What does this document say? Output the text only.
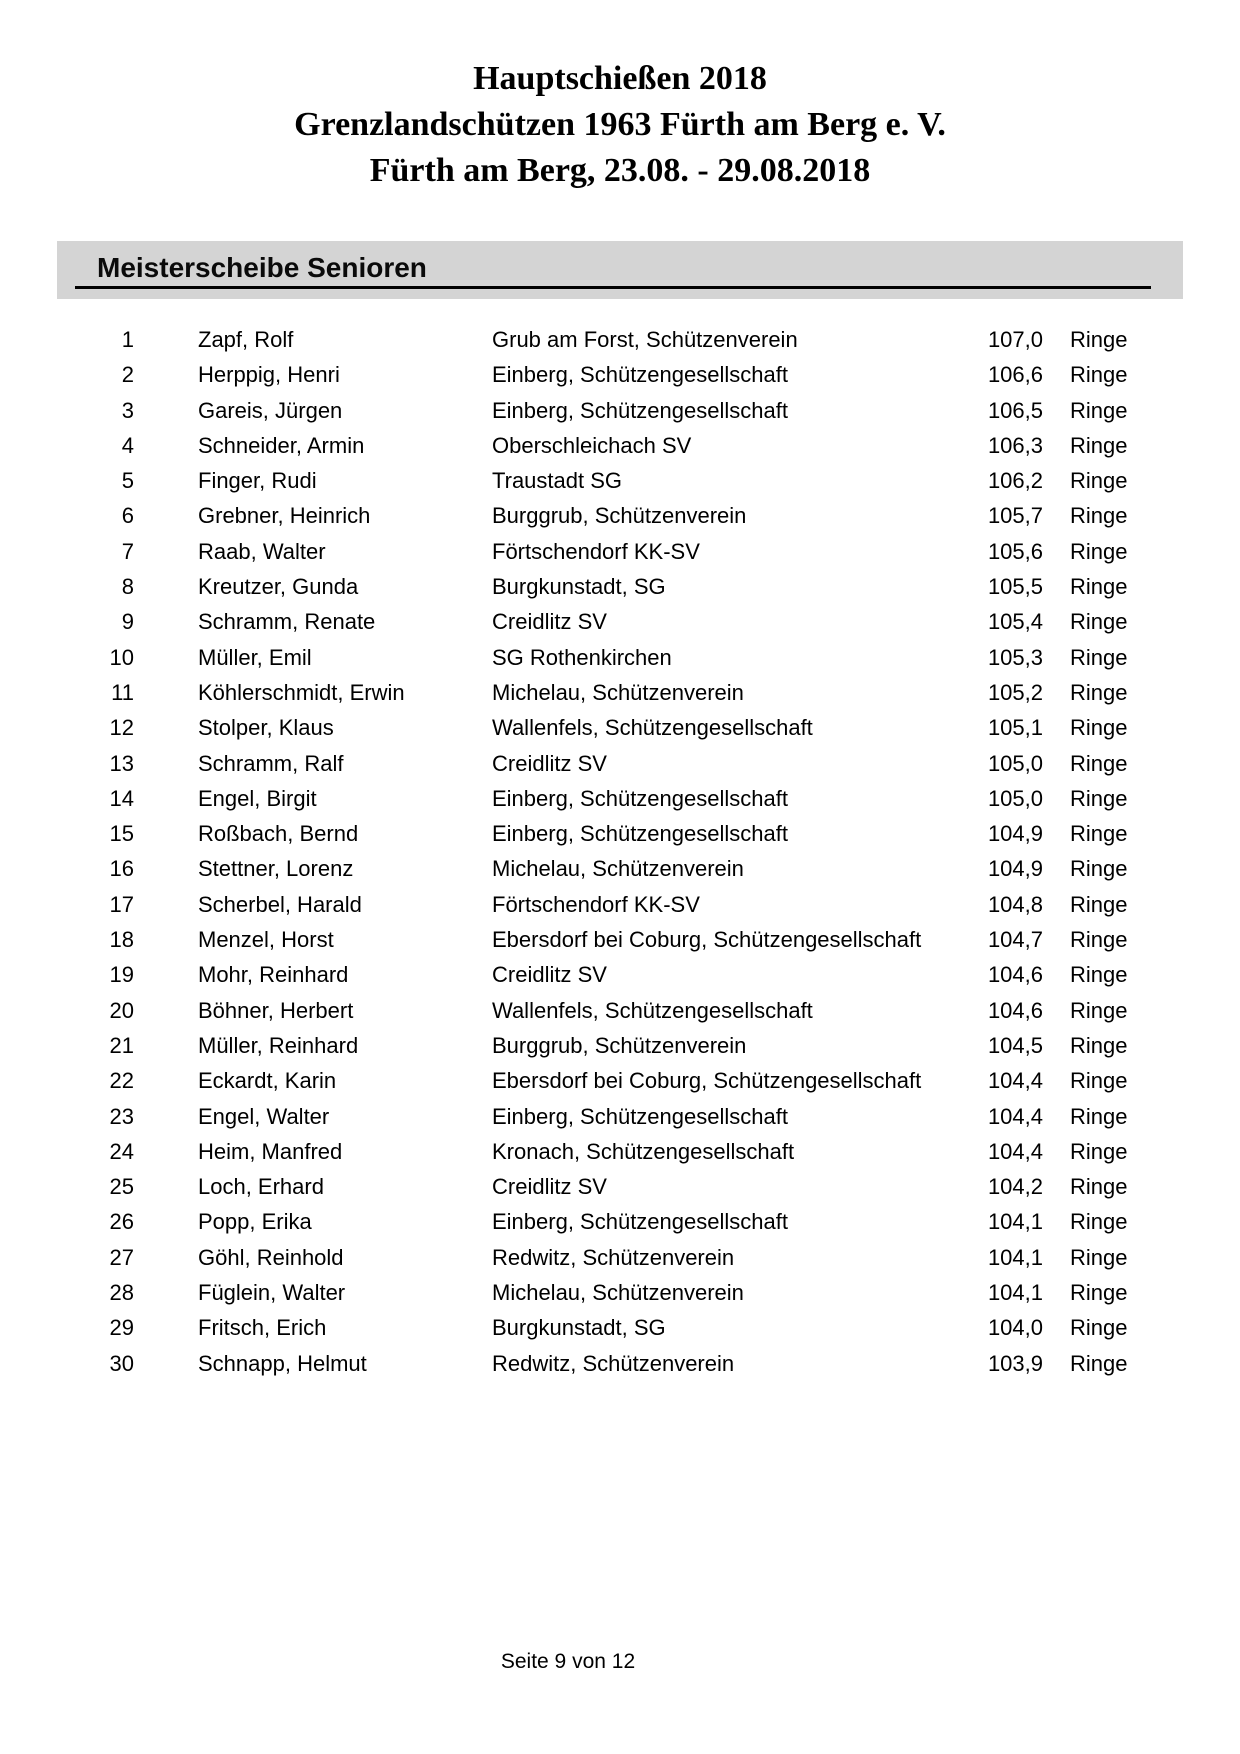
Hauptschießen 2018
Grenzlandschützen 1963 Fürth am Berg e. V.
Fürth am Berg, 23.08. - 29.08.2018
Meisterscheibe Senioren
1	Zapf, Rolf	Grub am Forst, Schützenverein	107,0 Ringe
2	Herppig, Henri	Einberg, Schützengesellschaft	106,6 Ringe
3	Gareis, Jürgen	Einberg, Schützengesellschaft	106,5 Ringe
4	Schneider, Armin	Oberschleichach SV	106,3 Ringe
5	Finger, Rudi	Traustadt SG	106,2 Ringe
6	Grebner, Heinrich	Burggrub, Schützenverein	105,7 Ringe
7	Raab, Walter	Förtschendorf KK-SV	105,6 Ringe
8	Kreutzer, Gunda	Burgkunstadt, SG	105,5 Ringe
9	Schramm, Renate	Creidlitz SV	105,4 Ringe
10	Müller, Emil	SG Rothenkirchen	105,3 Ringe
11	Köhlerschmidt, Erwin	Michelau, Schützenverein	105,2 Ringe
12	Stolper, Klaus	Wallenfels, Schützengesellschaft	105,1 Ringe
13	Schramm, Ralf	Creidlitz SV	105,0 Ringe
14	Engel, Birgit	Einberg, Schützengesellschaft	105,0 Ringe
15	Roßbach, Bernd	Einberg, Schützengesellschaft	104,9 Ringe
16	Stettner, Lorenz	Michelau, Schützenverein	104,9 Ringe
17	Scherbel, Harald	Förtschendorf KK-SV	104,8 Ringe
18	Menzel, Horst	Ebersdorf bei Coburg, Schützengesellschaft	104,7 Ringe
19	Mohr, Reinhard	Creidlitz SV	104,6 Ringe
20	Böhner, Herbert	Wallenfels, Schützengesellschaft	104,6 Ringe
21	Müller, Reinhard	Burggrub, Schützenverein	104,5 Ringe
22	Eckardt, Karin	Ebersdorf bei Coburg, Schützengesellschaft	104,4 Ringe
23	Engel, Walter	Einberg, Schützengesellschaft	104,4 Ringe
24	Heim, Manfred	Kronach, Schützengesellschaft	104,4 Ringe
25	Loch, Erhard	Creidlitz SV	104,2 Ringe
26	Popp, Erika	Einberg, Schützengesellschaft	104,1 Ringe
27	Göhl, Reinhold	Redwitz, Schützenverein	104,1 Ringe
28	Füglein, Walter	Michelau, Schützenverein	104,1 Ringe
29	Fritsch, Erich	Burgkunstadt, SG	104,0 Ringe
30	Schnapp, Helmut	Redwitz, Schützenverein	103,9 Ringe
Seite 9 von 12
